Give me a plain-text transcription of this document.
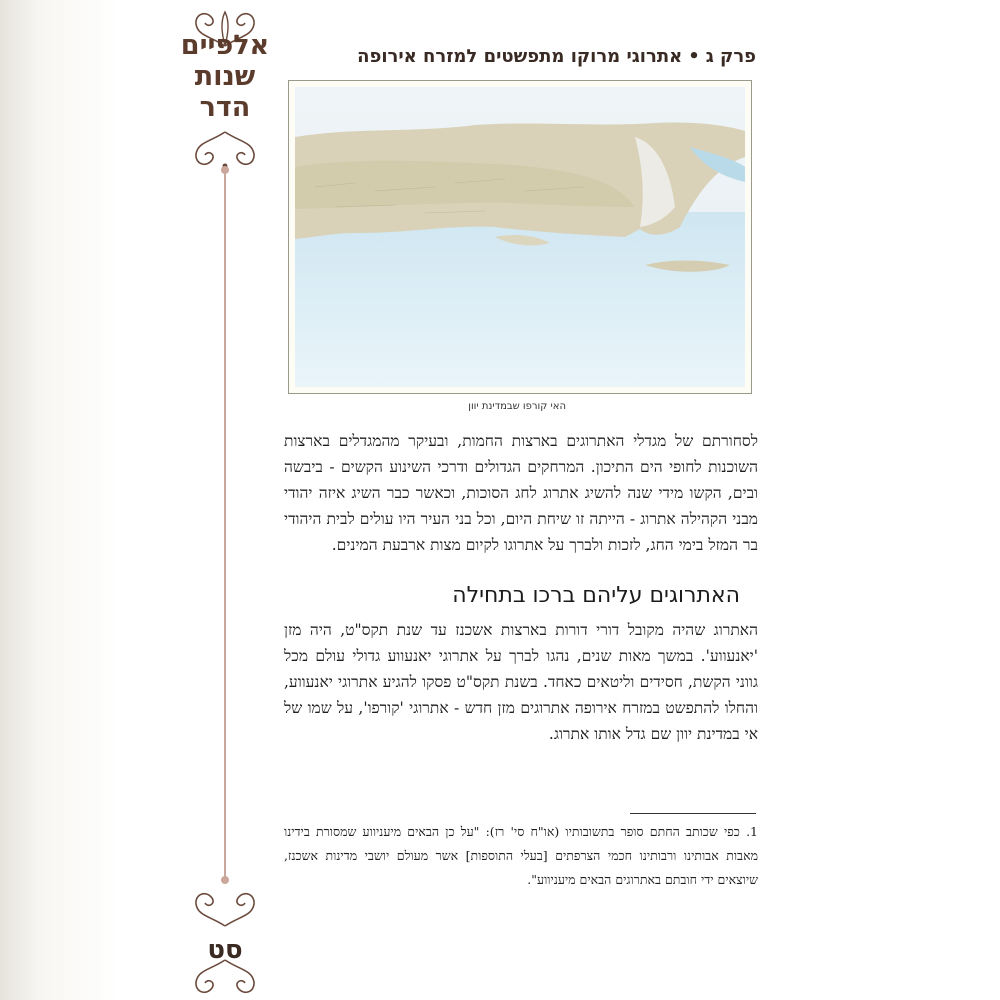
אלפיים
שנות
הדר
סט
פרק ג•אתרוגי מרוקו מתפשטים למזרח אירופה
האי קורפו שבמדינת יוון
לסחורתם של מגדלי האתרוגים בארצות החמות, ובעיקר מהמגדלים בארצות השוכנות לחופי הים התיכון. המרחקים הגדולים ודרכי השינוע הקשים - ביבשה ובים, הקשו מידי שנה להשיג אתרוג לחג הסוכות, וכאשר כבר השיג איזה יהודי מבני הקהילה אתרוג - הייתה זו שיחת היום, וכל בני העיר היו עולים לבית היהודי בר המזל בימי החג, לזכות ולברך על אתרוגו לקיום מצות ארבעת המינים.
האתרוגים עליהם ברכו בתחילה
האתרוג שהיה מקובל דורי דורות בארצות אשכנז עד שנת תקס"ט, היה מזן 'יאנעווע'. במשך מאות שנים, נהגו לברך על אתרוגי יאנעווע גדולי עולם מכל גווני הקשת, חסידים וליטאים כאחד. בשנת תקס"ט פסקו להגיע אתרוגי יאנעווע, והחלו להתפשט במזרח אירופה אתרוגים מזן חדש - אתרוגי 'קורפו', על שמו של אי במדינת יוון שם גדל אותו אתרוג.
1. כפי שכותב החתם סופר בתשובותיו (או"ח סי' רז): "על כן הבאים מיעניווע שמסורת בידינו מאבות אבותינו ורבותינו חכמי הצרפתים [בעלי התוספות] אשר מעולם יושבי מדינות אשכנז, שיוצאים ידי חובתם באתרוגים הבאים מיעניווע".
